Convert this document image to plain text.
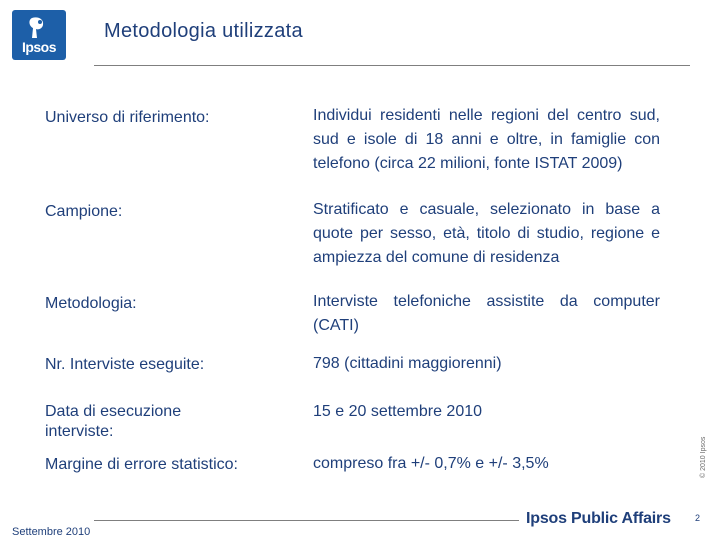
Ipsos
Metodologia utilizzata
Universo di riferimento:	Individui residenti nelle regioni del centro sud, sud e isole di 18 anni e oltre, in famiglie con telefono (circa 22 milioni, fonte ISTAT 2009)
Campione:	Stratificato e casuale, selezionato in base a quote per sesso, età, titolo di studio, regione e ampiezza del comune di residenza
Metodologia:	Interviste telefoniche assistite da computer (CATI)
Nr. Interviste eseguite:	798 (cittadini maggiorenni)
Data di esecuzione interviste:
15 e 20 settembre 2010
Margine di errore statistico:	compreso fra +/- 0,7% e +/- 3,5%	© 2010 Ipsos
Ipsos Public Affairs	2
Settembre 2010
